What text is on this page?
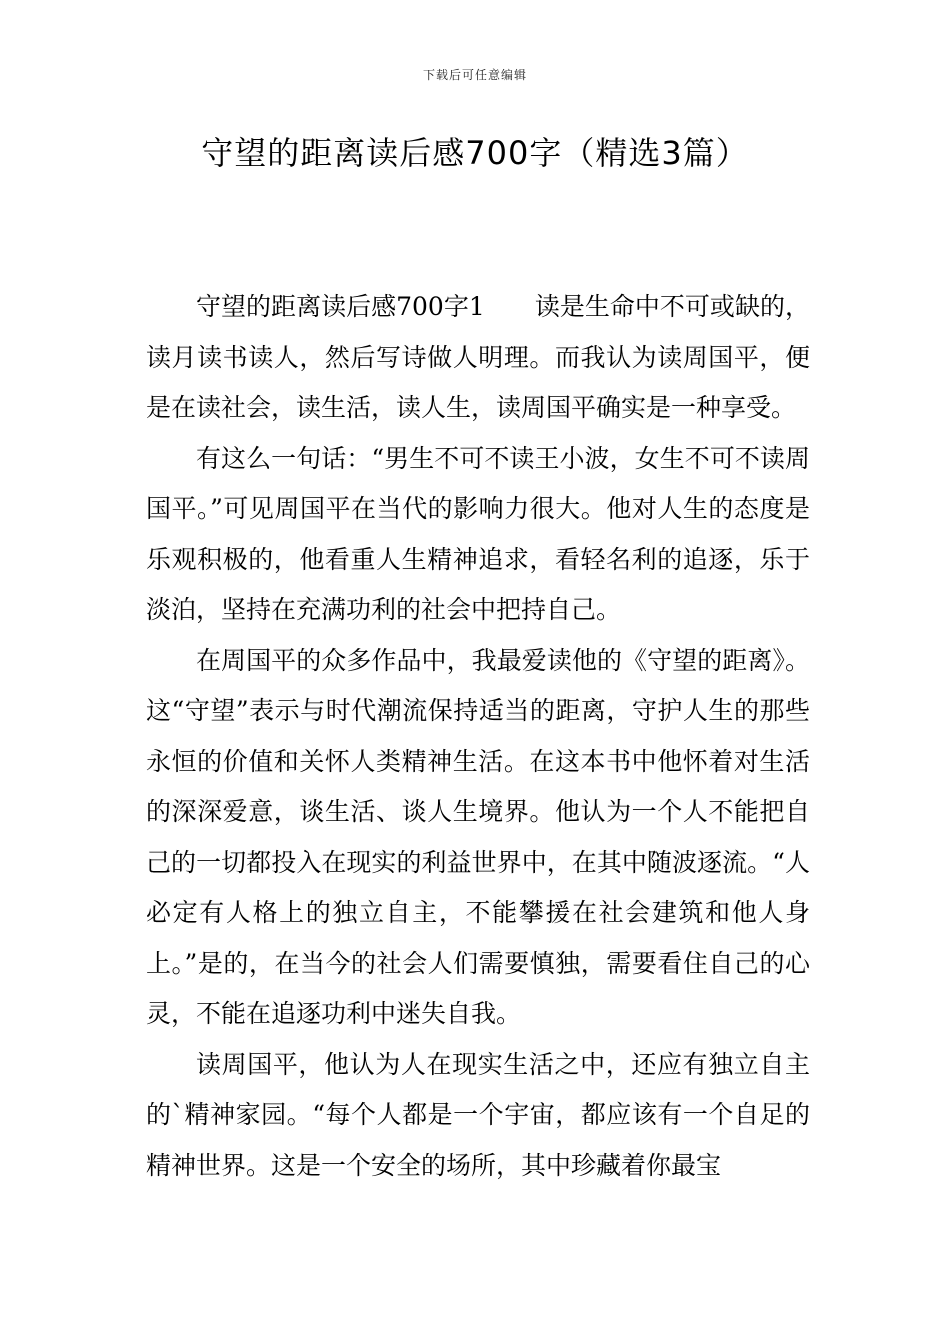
下载后可任意编辑
守望的距离读后感700字（精选3篇）

守望的距离读后感700字1　　读是生命中不可或缺的，读月读书读人，然后写诗做人明理。而我认为读周国平，便是在读社会，读生活，读人生，读周国平确实是一种享受。

有这么一句话：“男生不可不读王小波，女生不可不读周国平。”可见周国平在当代的影响力很大。他对人生的态度是乐观积极的，他看重人生精神追求，看轻名利的追逐，乐于淡泊，坚持在充满功利的社会中把持自己。

在周国平的众多作品中，我最爱读他的《守望的距离》。这“守望”表示与时代潮流保持适当的距离，守护人生的那些永恒的价值和关怀人类精神生活。在这本书中他怀着对生活的深深爱意，谈生活、谈人生境界。他认为一个人不能把自己的一切都投入在现实的利益世界中，在其中随波逐流。“人必定有人格上的独立自主，不能攀援在社会建筑和他人身上。”是的，在当今的社会人们需要慎独，需要看住自己的心灵，不能在追逐功利中迷失自我。

读周国平，他认为人在现实生活之中，还应有独立自主的`精神家园。“每个人都是一个宇宙，都应该有一个自足的精神世界。这是一个安全的场所，其中珍藏着你最宝
